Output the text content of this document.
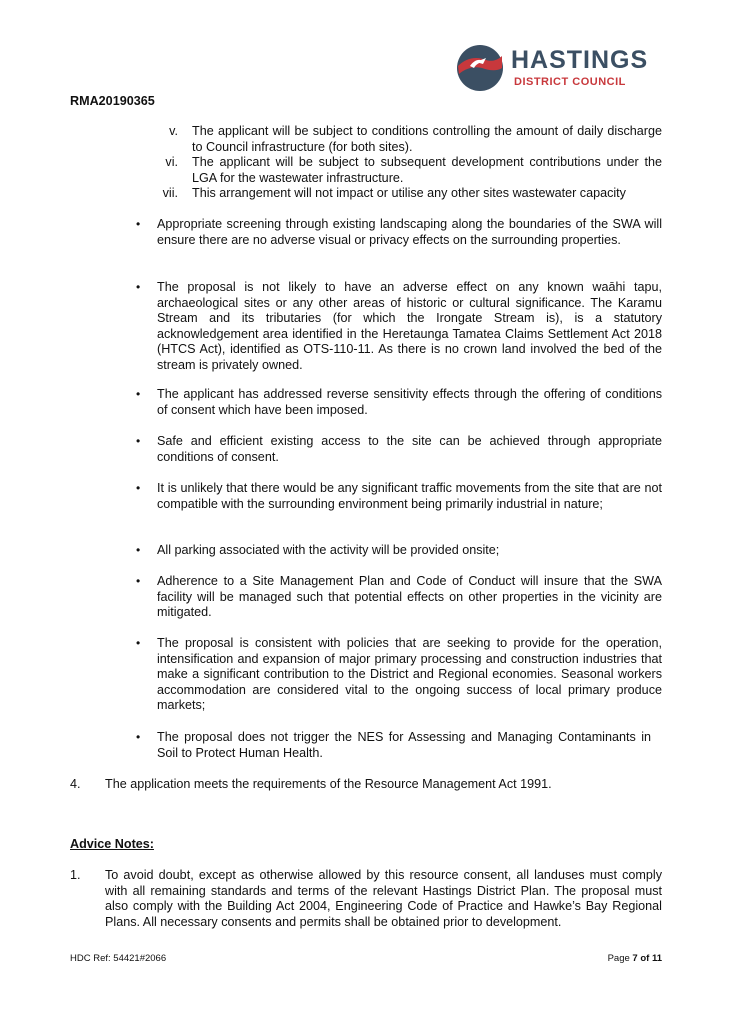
RMA20190365
HASTINGS
DISTRICT COUNCIL
v. The applicant will be subject to conditions controlling the amount of daily discharge to Council infrastructure (for both sites).
vi. The applicant will be subject to subsequent development contributions under the LGA for the wastewater infrastructure.
vii. This arrangement will not impact or utilise any other sites wastewater capacity
• Appropriate screening through existing landscaping along the boundaries of the SWA will ensure there are no adverse visual or privacy effects on the surrounding properties.
• The proposal is not likely to have an adverse effect on any known waāhi tapu, archaeological sites or any other areas of historic or cultural significance. The Karamu Stream and its tributaries (for which the Irongate Stream is), is a statutory acknowledgement area identified in the Heretaunga Tamatea Claims Settlement Act 2018 (HTCS Act), identified as OTS-110-11. As there is no crown land involved the bed of the stream is privately owned.
• The applicant has addressed reverse sensitivity effects through the offering of conditions of consent which have been imposed.
• Safe and efficient existing access to the site can be achieved through appropriate conditions of consent.
• It is unlikely that there would be any significant traffic movements from the site that are not compatible with the surrounding environment being primarily industrial in nature;
• All parking associated with the activity will be provided onsite;
• Adherence to a Site Management Plan and Code of Conduct will insure that the SWA facility will be managed such that potential effects on other properties in the vicinity are mitigated.
• The proposal is consistent with policies that are seeking to provide for the operation, intensification and expansion of major primary processing and construction industries that make a significant contribution to the District and Regional economies. Seasonal workers accommodation are considered vital to the ongoing success of local primary produce markets;
• The proposal does not trigger the NES for Assessing and Managing Contaminants in Soil to Protect Human Health.
4. The application meets the requirements of the Resource Management Act 1991.
Advice Notes:
1. To avoid doubt, except as otherwise allowed by this resource consent, all landuses must comply with all remaining standards and terms of the relevant Hastings District Plan. The proposal must also comply with the Building Act 2004, Engineering Code of Practice and Hawke’s Bay Regional Plans. All necessary consents and permits shall be obtained prior to development.
HDC Ref: 54421#2066	Page 7 of 11
